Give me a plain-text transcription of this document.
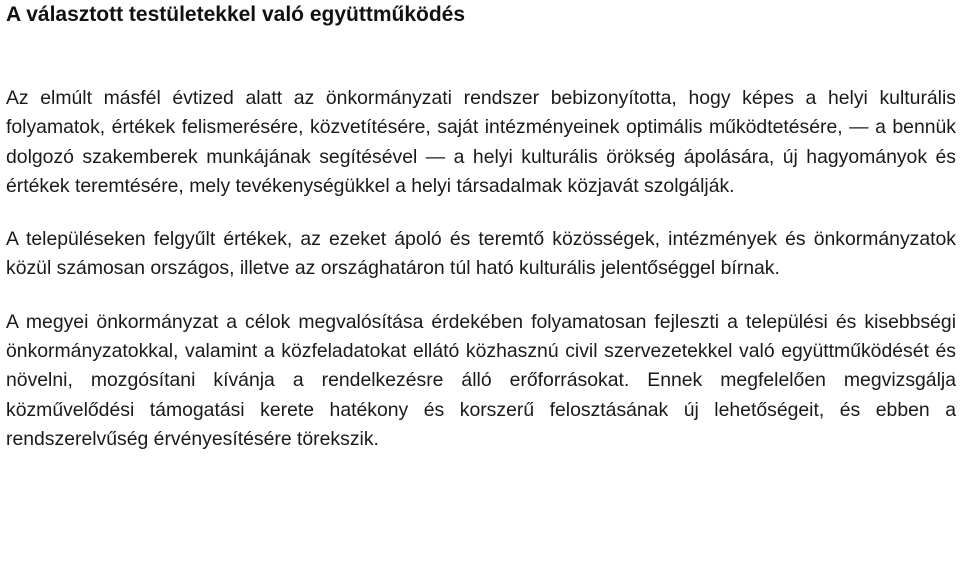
A választott testületekkel való együttműködés

Az elmúlt másfél évtized alatt az önkormányzati rendszer bebizonyította, hogy képes a helyi kulturális folyamatok, értékek felismerésére, közvetítésére, saját intézményeinek optimális működtetésére, — a bennük dolgozó szakemberek munkájának segítésével — a helyi kulturális örökség ápolására, új hagyományok és értékek teremtésére, mely tevékenységükkel a helyi társadalmak közjavát szolgálják.

A településeken felgyűlt értékek, az ezeket ápoló és teremtő közösségek, intézmények és önkormányzatok közül számosan országos, illetve az országhatáron túl ható kulturális jelentőséggel bírnak.

A megyei önkormányzat a célok megvalósítása érdekében folyamatosan fejleszti a települési és kisebbségi önkormányzatokkal, valamint a közfeladatokat ellátó közhasznú civil szervezetekkel való együttműködését és növelni, mozgósítani kívánja a rendelkezésre álló erőforrásokat. Ennek megfelelően megvizsgálja közművelődési támogatási kerete hatékony és korszerű felosztásának új lehetőségeit, és ebben a rendszerelvűség érvényesítésére törekszik.
